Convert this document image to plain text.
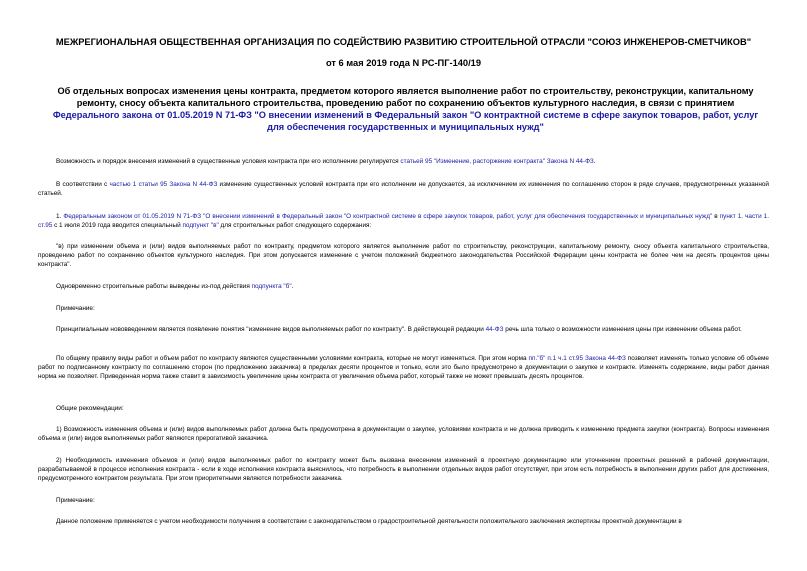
МЕЖРЕГИОНАЛЬНАЯ ОБЩЕСТВЕННАЯ ОРГАНИЗАЦИЯ ПО СОДЕЙСТВИЮ РАЗВИТИЮ СТРОИТЕЛЬНОЙ ОТРАСЛИ "СОЮЗ ИНЖЕНЕРОВ-СМЕТЧИКОВ"
от 6 мая 2019 года N РС-ПГ-140/19
Об отдельных вопросах изменения цены контракта, предметом которого является выполнение работ по строительству, реконструкции, капитальному ремонту, сносу объекта капитального строительства, проведению работ по сохранению объектов культурного наследия, в связи с принятием Федерального закона от 01.05.2019 N 71-ФЗ "О внесении изменений в Федеральный закон "О контрактной системе в сфере закупок товаров, работ, услуг для обеспечения государственных и муниципальных нужд"

Возможность и порядок внесения изменений в существенные условия контракта при его исполнении регулируется статьей 95 "Изменение, расторжение контракта" Закона N 44-ФЗ.

В соответствии с частью 1 статьи 95 Закона N 44-ФЗ изменение существенных условий контракта при его исполнении не допускается, за исключением их изменения по соглашению сторон в ряде случаев, предусмотренных указанной статьей.

1. Федеральным законом от 01.05.2019 N 71-ФЗ "О внесении изменений в Федеральный закон "О контрактной системе в сфере закупок товаров, работ, услуг для обеспечения государственных и муниципальных нужд" в пункт 1. части 1. ст.95 с 1 июля 2019 года вводится специальный подпункт "в" для строительных работ следующего содержания:

"в) при изменении объема и (или) видов выполняемых работ по контракту, предметом которого является выполнение работ по строительству, реконструкции, капитальному ремонту, сносу объекта капитального строительства, проведению работ по сохранению объектов культурного наследия. При этом допускается изменение с учетом положений бюджетного законодательства Российской Федерации цены контракта не более чем на десять процентов цены контракта".

Одновременно строительные работы выведены из-под действия подпункта "б".

Примечание:

Принципиальным нововведением является появление понятия "изменение видов выполняемых работ по контракту". В действующей редакции 44-ФЗ речь шла только о возможности изменения цены при изменении объема работ.

По общему правилу виды работ и объем работ по контракту являются существенными условиями контракта, которые не могут изменяться. При этом норма пп."б" п.1 ч.1 ст.95 Закона 44-ФЗ позволяет изменять только условие об объеме работ по подписанному контракту по соглашению сторон (по предложению заказчика) в пределах десяти процентов и только, если это было предусмотрено в документации о закупке и контракте. Изменять содержание, виды работ данная норма не позволяет. Приведенная норма также ставит в зависимость увеличение цены контракта от увеличения объема работ, который также не может превышать десять процентов.

Общие рекомендации:

1) Возможность изменения объема и (или) видов выполняемых работ должна быть предусмотрена в документации о закупке, условиями контракта и не должна приводить к изменению предмета закупки (контракта). Вопросы изменения объема и (или) видов выполняемых работ являются прерогативой заказчика.

2) Необходимость изменения объемов и (или) видов выполняемых работ по контракту может быть вызвана внесением изменений в проектную документацию или уточнением проектных решений в рабочей документации, разрабатываемой в процессе исполнения контракта - если в ходе исполнения контракта выяснилось, что потребность в выполнении отдельных видов работ отсутствует, при этом есть потребность в выполнении других работ для достижения, предусмотренного контрактом результата. При этом приоритетными являются потребности заказчика.

Примечание:

Данное положение применяется с учетом необходимости получения в соответствии с законодательством о градостроительной деятельности положительного заключения экспертизы проектной документации в
